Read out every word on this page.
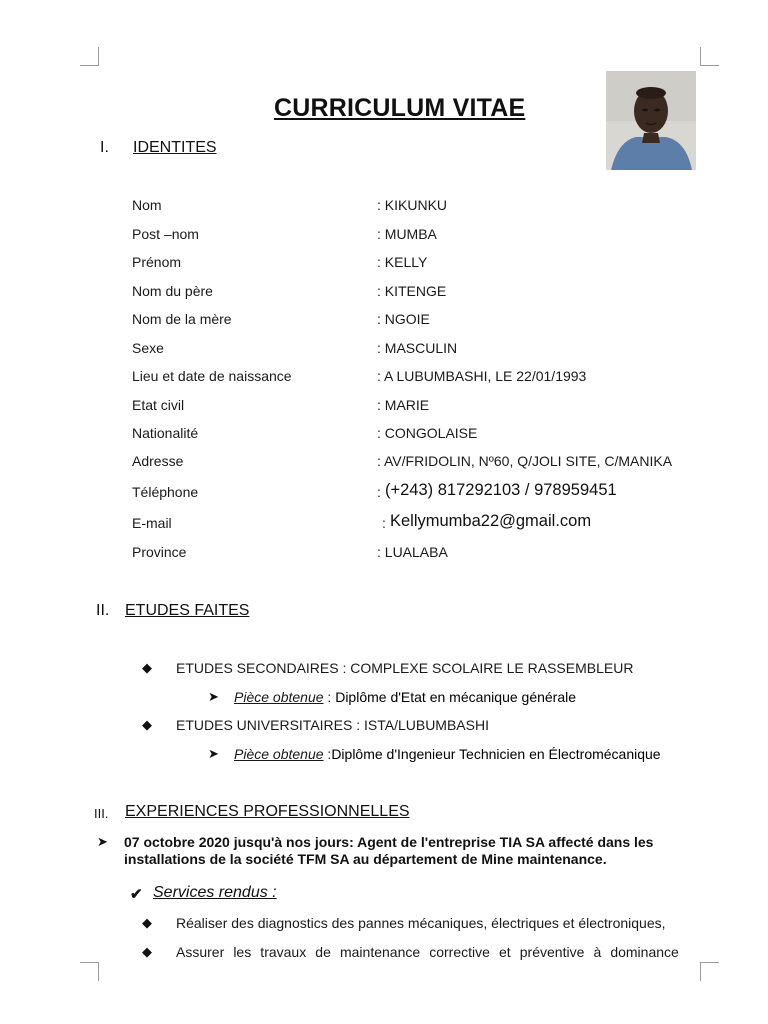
CURRICULUM VITAE
I. IDENTITES
Nom	: KIKUNKU
Post –nom	: MUMBA
Prénom	: KELLY
Nom du père	: KITENGE
Nom de la mère	: NGOIE
Sexe	: MASCULIN
Lieu et date de naissance	: A LUBUMBASHI, LE 22/01/1993
Etat civil	: MARIE
Nationalité	: CONGOLAISE
Adresse	: AV/FRIDOLIN, Nº60, Q/JOLI SITE, C/MANIKA
Téléphone	: (+243) 817292103 / 978959451
E-mail	: Kellymumba22@gmail.com
Province	: LUALABA
II. ETUDES FAITES
◆ ETUDES SECONDAIRES : COMPLEXE SCOLAIRE LE RASSEMBLEUR
➤ Pièce obtenue : Diplôme d'Etat en mécanique générale
◆ ETUDES UNIVERSITAIRES : ISTA/LUBUMBASHI
➤ Pièce obtenue :Diplôme d'Ingenieur Technicien en Électromécanique
III. EXPERIENCES PROFESSIONNELLES
➤ 07 octobre 2020 jusqu'à nos jours: Agent de l'entreprise TIA SA affecté dans les
installations de la société TFM SA au département de Mine maintenance.
✔ Services rendus :
◆ Réaliser des diagnostics des pannes mécaniques, électriques et électroniques,
◆ Assurer les travaux de maintenance corrective et préventive à dominance
